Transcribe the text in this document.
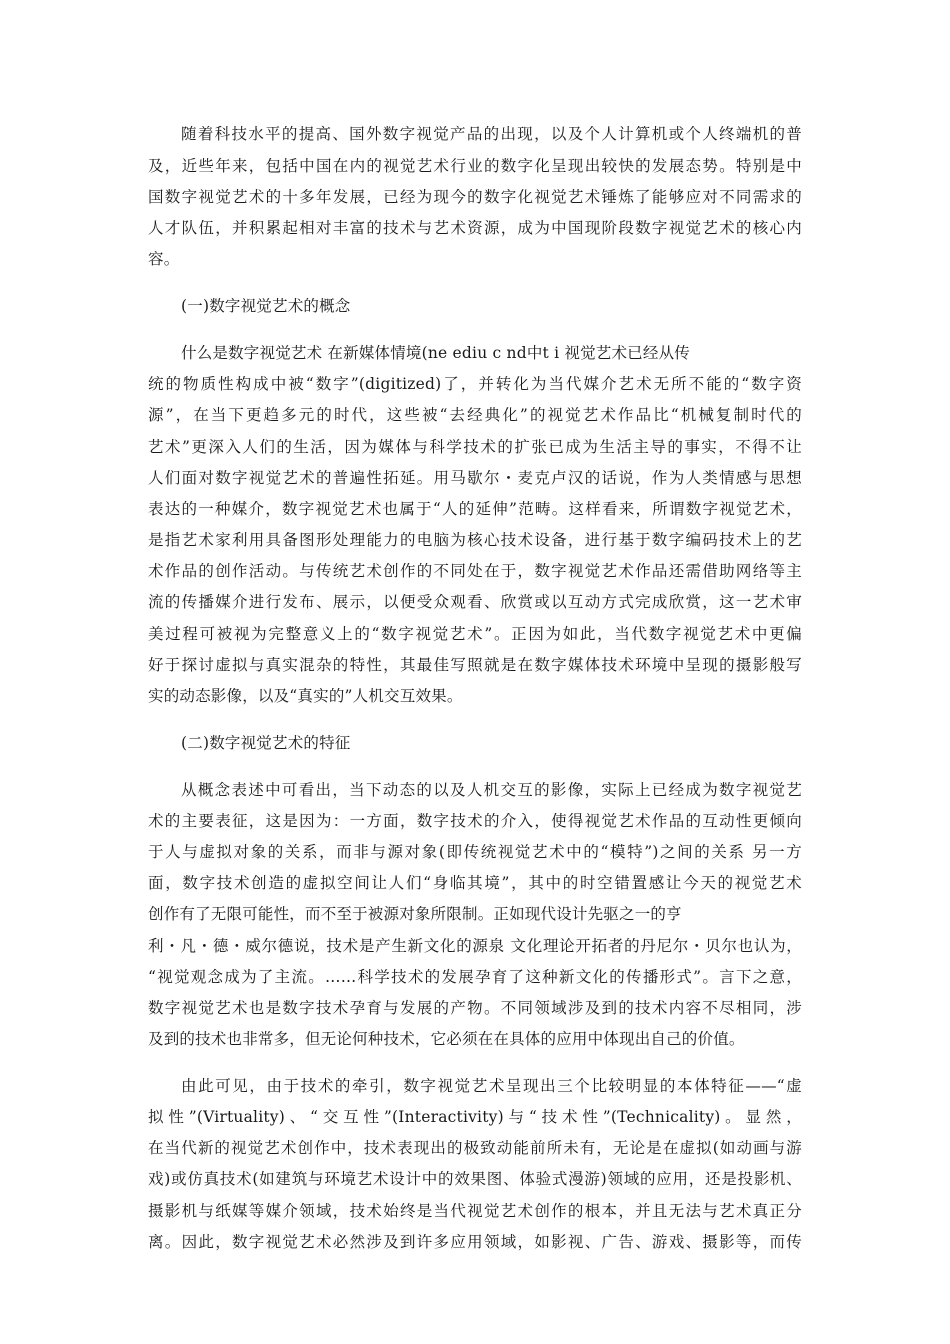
随着科技水平的提高、国外数字视觉产品的出现，以及个人计算机或个人终端机的普
及，近些年来，包括中国在内的视觉艺术行业的数字化呈现出较快的发展态势。特别是中
国数字视觉艺术的十多年发展，已经为现今的数字化视觉艺术锤炼了能够应对不同需求的
人才队伍，并积累起相对丰富的技术与艺术资源，成为中国现阶段数字视觉艺术的核心内
容。
(一)数字视觉艺术的概念
什么是数字视觉艺术 在新媒体情境(ne ediu c nd中t i 视觉艺术已经从传
统的物质性构成中被“数字”(digitized)了，并转化为当代媒介艺术无所不能的“数字资
源”，在当下更趋多元的时代，这些被“去经典化”的视觉艺术作品比“机械复制时代的
艺术”更深入人们的生活，因为媒体与科学技术的扩张已成为生活主导的事实，不得不让
人们面对数字视觉艺术的普遍性拓延。用马歇尔・麦克卢汉的话说，作为人类情感与思想
表达的一种媒介，数字视觉艺术也属于“人的延伸”范畴。这样看来，所谓数字视觉艺术，
是指艺术家利用具备图形处理能力的电脑为核心技术设备，进行基于数字编码技术上的艺
术作品的创作活动。与传统艺术创作的不同处在于，数字视觉艺术作品还需借助网络等主
流的传播媒介进行发布、展示，以便受众观看、欣赏或以互动方式完成欣赏，这一艺术审
美过程可被视为完整意义上的“数字视觉艺术”。正因为如此，当代数字视觉艺术中更偏
好于探讨虚拟与真实混杂的特性，其最佳写照就是在数字媒体技术环境中呈现的摄影般写
实的动态影像，以及“真实的”人机交互效果。
(二)数字视觉艺术的特征
从概念表述中可看出，当下动态的以及人机交互的影像，实际上已经成为数字视觉艺
术的主要表征，这是因为：一方面，数字技术的介入，使得视觉艺术作品的互动性更倾向
于人与虚拟对象的关系，而非与源对象(即传统视觉艺术中的“模特”)之间的关系 另一方
面，数字技术创造的虚拟空间让人们“身临其境”，其中的时空错置感让今天的视觉艺术
创作有了无限可能性，而不至于被源对象所限制。正如现代设计先驱之一的亨
利・凡・德・威尔德说，技术是产生新文化的源泉 文化理论开拓者的丹尼尔・贝尔也认为，
“视觉观念成为了主流。……科学技术的发展孕育了这种新文化的传播形式”。言下之意，
数字视觉艺术也是数字技术孕育与发展的产物。不同领域涉及到的技术内容不尽相同，涉
及到的技术也非常多，但无论何种技术，它必须在在具体的应用中体现出自己的价值。
由此可见，由于技术的牵引，数字视觉艺术呈现出三个比较明显的本体特征——“虚
拟性”(Virtuality)、“交互性”(Interactivity)与“技术性”(Technicality)。显然，
在当代新的视觉艺术创作中，技术表现出的极致动能前所未有，无论是在虚拟(如动画与游
戏)或仿真技术(如建筑与环境艺术设计中的效果图、体验式漫游)领域的应用，还是投影机、
摄影机与纸媒等媒介领域，技术始终是当代视觉艺术创作的根本，并且无法与艺术真正分
离。因此，数字视觉艺术必然涉及到许多应用领域，如影视、广告、游戏、摄影等，而传
